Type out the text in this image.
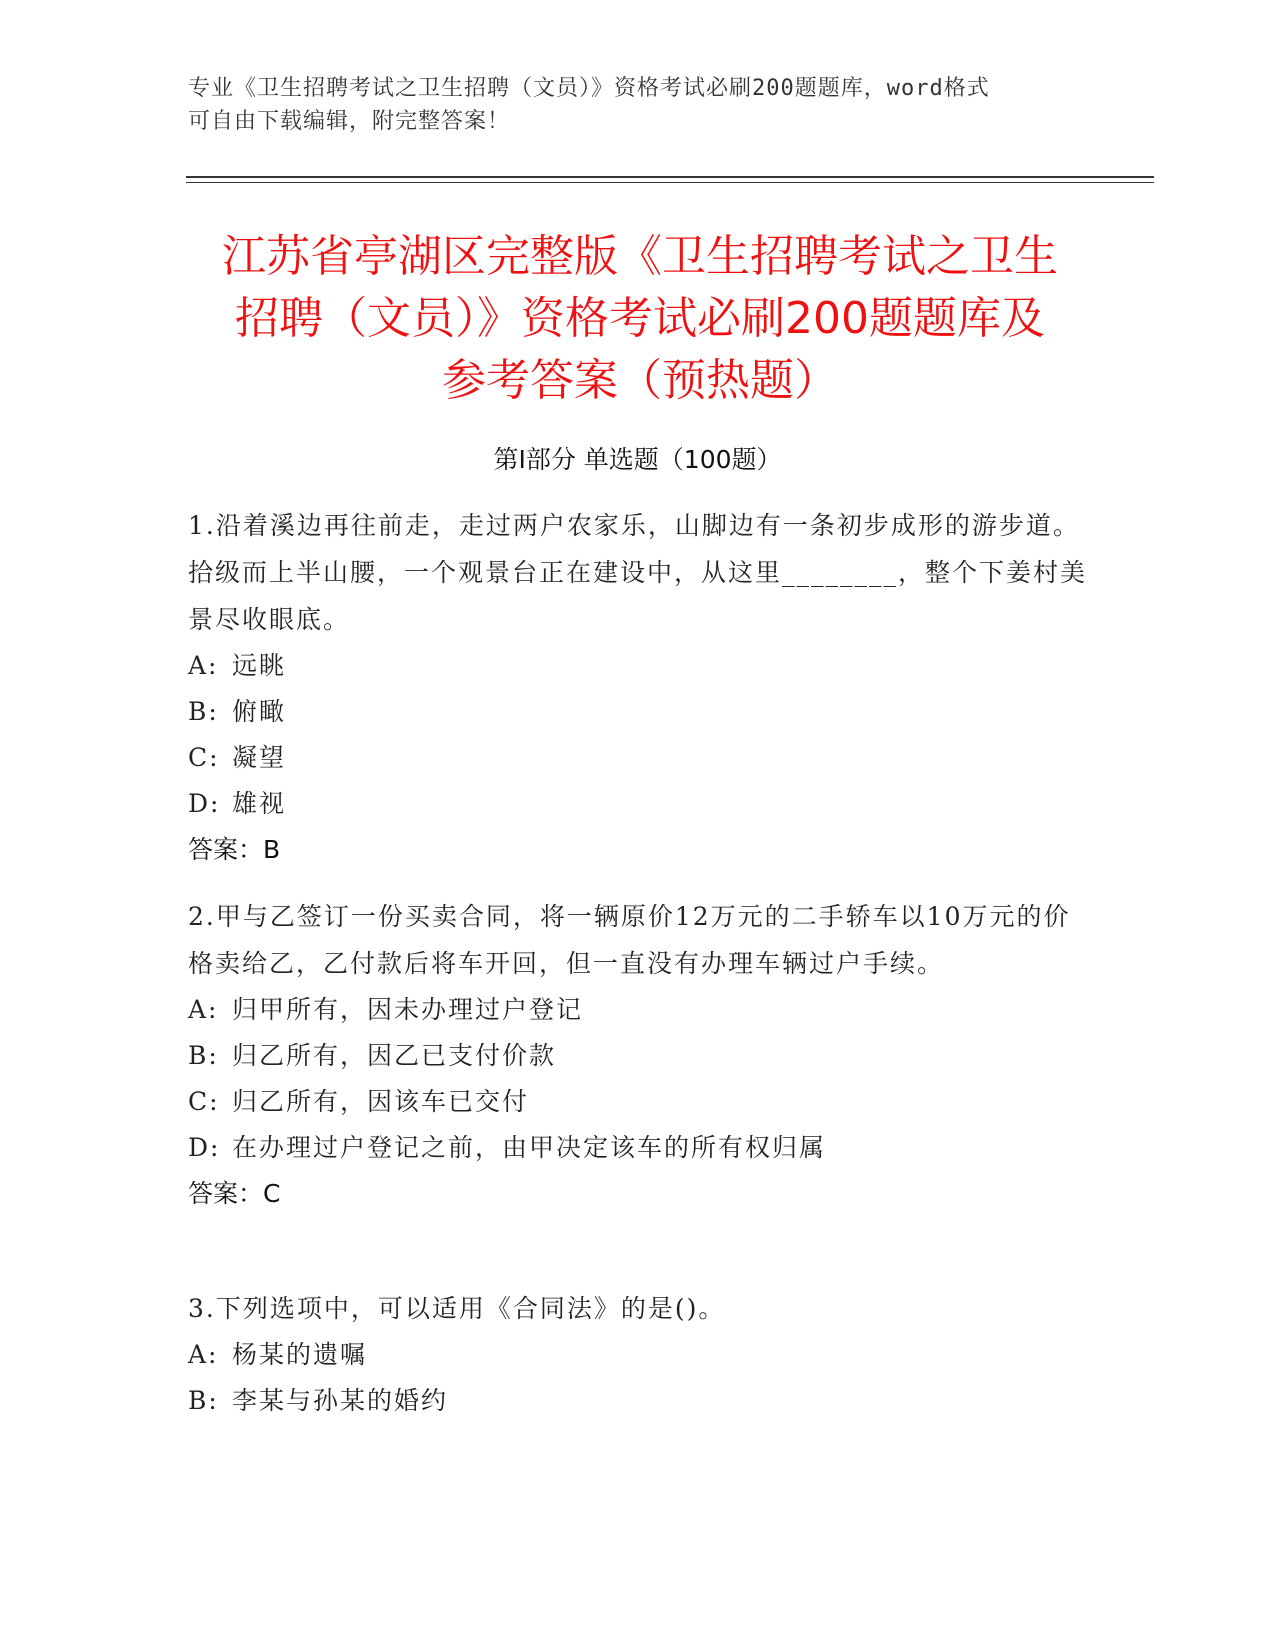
专业《卫生招聘考试之卫生招聘（文员）》资格考试必刷200题题库，word格式
可自由下载编辑，附完整答案！
江苏省亭湖区完整版《卫生招聘考试之卫生
招聘（文员）》资格考试必刷200题题库及
参考答案（预热题）
第Ⅰ部分 单选题（100题）

1.沿着溪边再往前走，走过两户农家乐，山脚边有一条初步成形的游步道。拾级而上半山腰，一个观景台正在建设中，从这里________，整个下姜村美景尽收眼底。

A: 远眺

B: 俯瞰

C: 凝望

D: 雄视

答案：B

2.甲与乙签订一份买卖合同，将一辆原价12万元的二手轿车以10万元的价格卖给乙，乙付款后将车开回，但一直没有办理车辆过户手续。

A: 归甲所有，因未办理过户登记

B: 归乙所有，因乙已支付价款

C: 归乙所有，因该车已交付

D: 在办理过户登记之前，由甲决定该车的所有权归属

答案：C

3.下列选项中，可以适用《合同法》的是()。

A: 杨某的遗嘱

B: 李某与孙某的婚约
